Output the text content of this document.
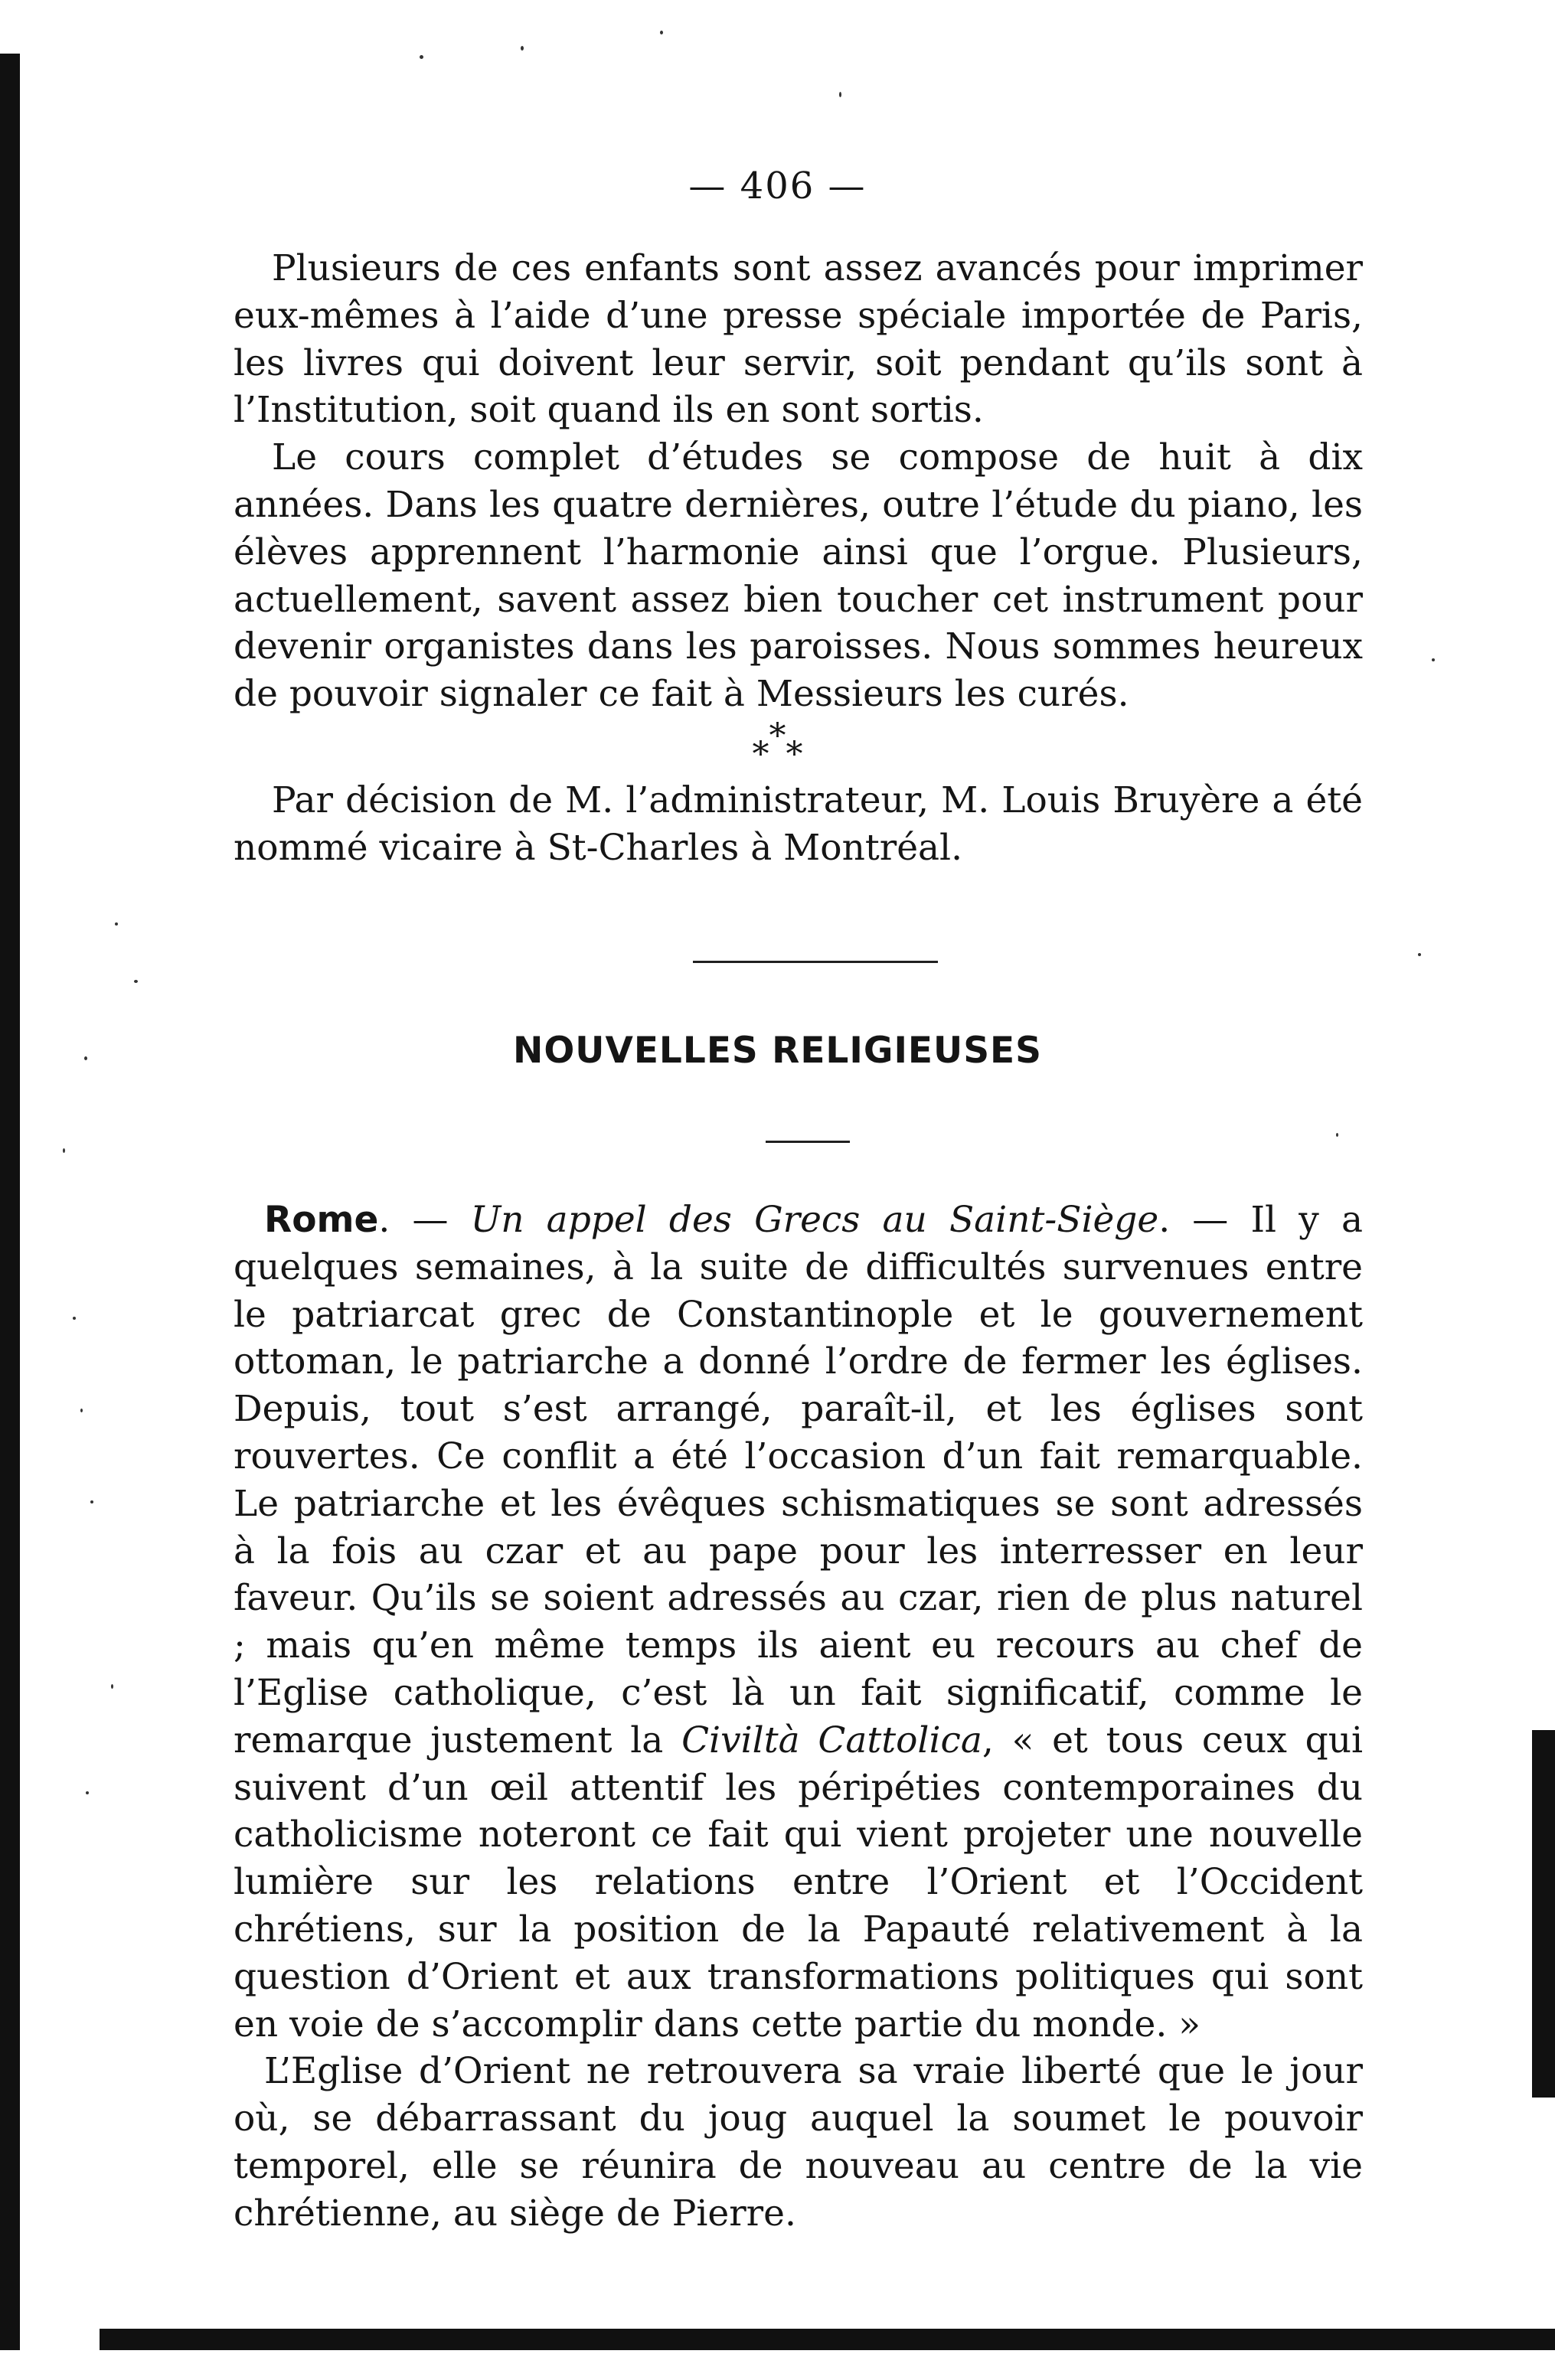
— 406 —

Plusieurs de ces enfants sont assez avancés pour imprimer eux-mêmes à l’aide d’une presse spéciale importée de Paris, les livres qui doivent leur servir, soit pendant qu’ils sont à l’Institution, soit quand ils en sont sortis.

Le cours complet d’études se compose de huit à dix années. Dans les quatre dernières, outre l’étude du piano, les élèves apprennent l’harmonie ainsi que l’orgue. Plusieurs, actuellement, savent assez bien toucher cet instrument pour devenir organistes dans les paroisses. Nous sommes heureux de pouvoir signaler ce fait à Messieurs les curés.

***

Par décision de M. l’administrateur, M. Louis Bruyère a été nommé vicaire à St-Charles à Montréal.

NOUVELLES RELIGIEUSES

Rome. — Un appel des Grecs au Saint-Siège. — Il y a quelques semaines, à la suite de difficultés survenues entre le patriarcat grec de Constantinople et le gouvernement ottoman, le patriarche a donné l’ordre de fermer les églises. Depuis, tout s’est arrangé, paraît-il, et les églises sont rouvertes. Ce conflit a été l’occasion d’un fait remarquable. Le patriarche et les évêques schismatiques se sont adressés à la fois au czar et au pape pour les interresser en leur faveur. Qu’ils se soient adressés au czar, rien de plus naturel ; mais qu’en même temps ils aient eu recours au chef de l’Eglise catholique, c’est là un fait significatif, comme le remarque justement la Civiltà Cattolica, « et tous ceux qui suivent d’un œil attentif les péripéties contemporaines du catholicisme noteront ce fait qui vient projeter une nouvelle lumière sur les relations entre l’Orient et l’Occident chrétiens, sur la position de la Papauté relativement à la question d’Orient et aux transformations politiques qui sont en voie de s’accomplir dans cette partie du monde. »

L’Eglise d’Orient ne retrouvera sa vraie liberté que le jour où, se débarrassant du joug auquel la soumet le pouvoir temporel, elle se réunira de nouveau au centre de la vie chrétienne, au siège de Pierre.
